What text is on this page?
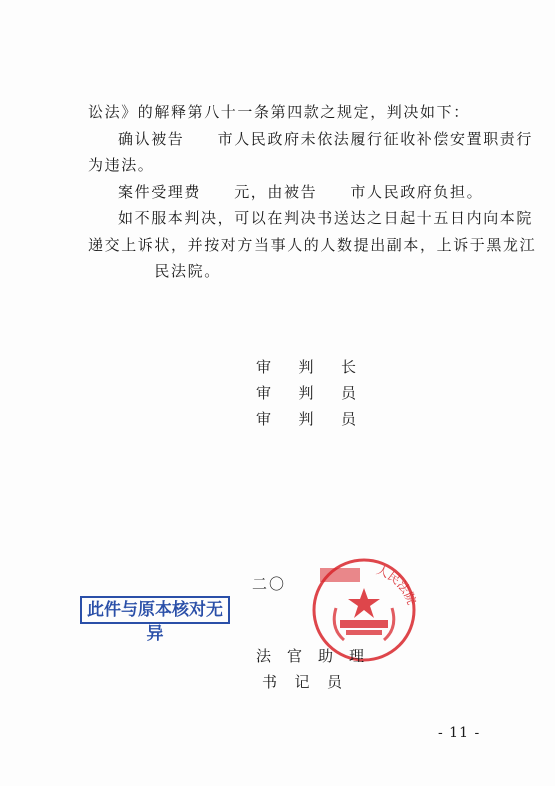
讼法》的解释第八十一条第四款之规定，判决如下：
确认被告　　市人民政府未依法履行征收补偿安置职责行
为违法。
案件受理费　　元，由被告　　市人民政府负担。
如不服本判决，可以在判决书送达之日起十五日内向本院
递交上诉状，并按对方当事人的人数提出副本，上诉于黑龙江
　　　　民法院。
审 判 长
审 判 员
审 判 员
二〇
人民法院
此件与原本核对无异
法 官 助 理
书 记 员
- 11 -
